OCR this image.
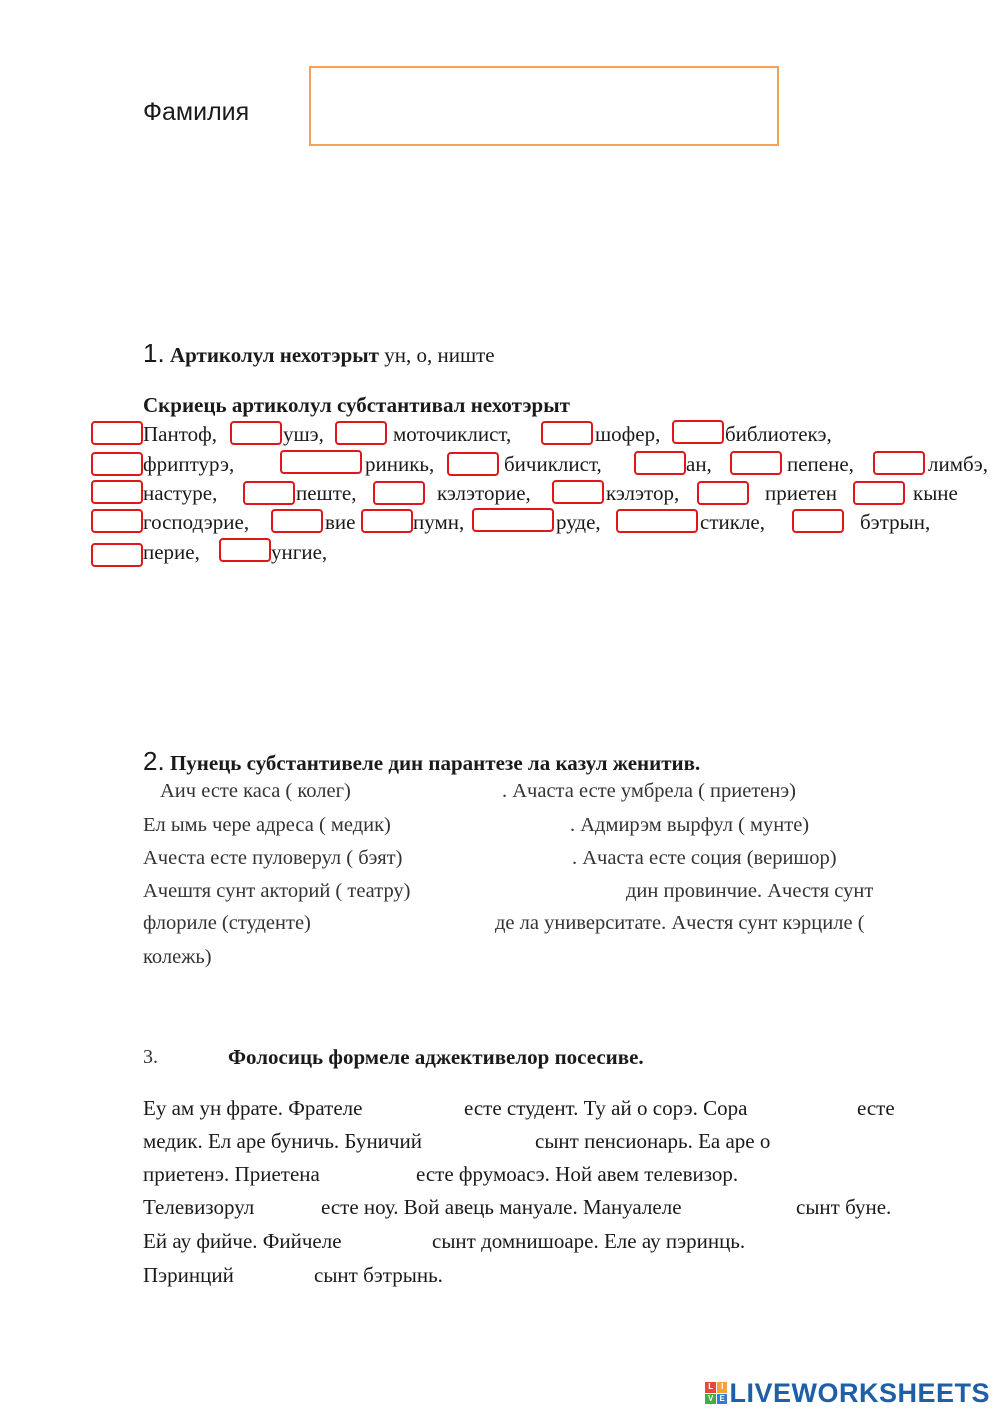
Фамилия
1. Артиколул нехотэрыт ун, о, ниште
Скриець артиколул субстантивал нехотэрыт
Пантоф,	ушэ,	моточиклист,	шофер,	библиотекэ,
фриптурэ,	риникь,	бичиклист,	ан,	пепене,	лимбэ,
настуре,	пеште,	кэлэторие,	кэлэтор,	приетен	кыне
господэрие,	вие	пумн,	руде,	стикле,	бэтрын,
перие,	унгие,
2. Пунець субстантивеле дин парантезе ла казул женитив.
Аич есте каса ( колег)	. Ачаста есте умбрела ( приетенэ)
Ел ымь чере адреса ( медик)	. Адмирэм вырфул ( мунте)
Ачеста есте пуловерул ( бэят)	. Ачаста есте соция (веришор)
Ачештя сунт акторий ( театру)	дин провинчие. Ачестя сунт
флориле (студенте)	де ла университате. Ачестя сунт кэрциле (
колежь)
3.	Фолосиць формеле аджективелор посесиве.
Еу ам ун фрате. Фрателе	есте студент. Ту ай о сорэ. Сора	есте
медик. Ел аре буничь. Буничий	сынт пенсионарь. Еа аре о
приетенэ. Приетена	есте фрумоасэ. Ной авем телевизор.
Телевизорул	есте ноу. Вой авець мануале. Мануалеле	сынт буне.
Ей ау фийче. Фийчеле	сынт домнишоаре. Еле ау пэринць.
Пэринций	сынт бэтрынь.
L I
V E LIVEWORKSHEETS
